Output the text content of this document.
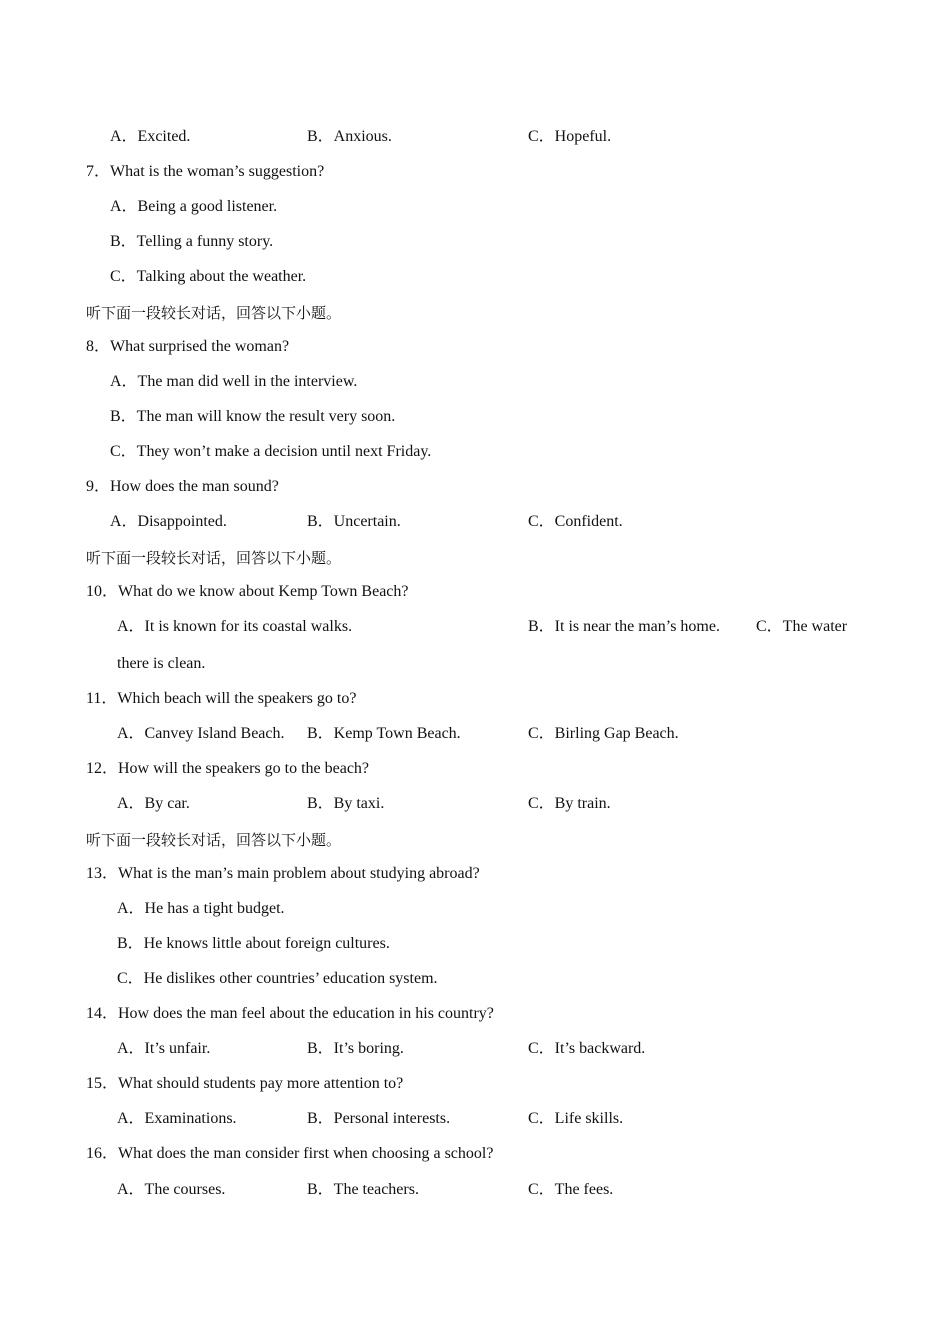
A．Excited.	B．Anxious.	C．Hopeful.
7．What is the woman’s suggestion?
A．Being a good listener.
B．Telling a funny story.
C．Talking about the weather.
听下面一段较长对话，回答以下小题。
8．What surprised the woman?
A．The man did well in the interview.
B．The man will know the result very soon.
C．They won’t make a decision until next Friday.
9．How does the man sound?
A．Disappointed.	B．Uncertain.	C．Confident.
听下面一段较长对话，回答以下小题。
10．What do we know about Kemp Town Beach?
A．It is known for its coastal walks.	B．It is near the man’s home. C．The water
there is clean.
11．Which beach will the speakers go to?
A．Canvey Island Beach. B．Kemp Town Beach.	C．Birling Gap Beach.
12．How will the speakers go to the beach?
A．By car.	B．By taxi.	C．By train.
听下面一段较长对话，回答以下小题。
13．What is the man’s main problem about studying abroad?
A．He has a tight budget.
B．He knows little about foreign cultures.
C．He dislikes other countries’ education system.
14．How does the man feel about the education in his country?
A．It’s unfair.	B．It’s boring.	C．It’s backward.
15．What should students pay more attention to?
A．Examinations.	B．Personal interests.	C．Life skills.
16．What does the man consider first when choosing a school?
A．The courses.	B．The teachers.	C．The fees.
